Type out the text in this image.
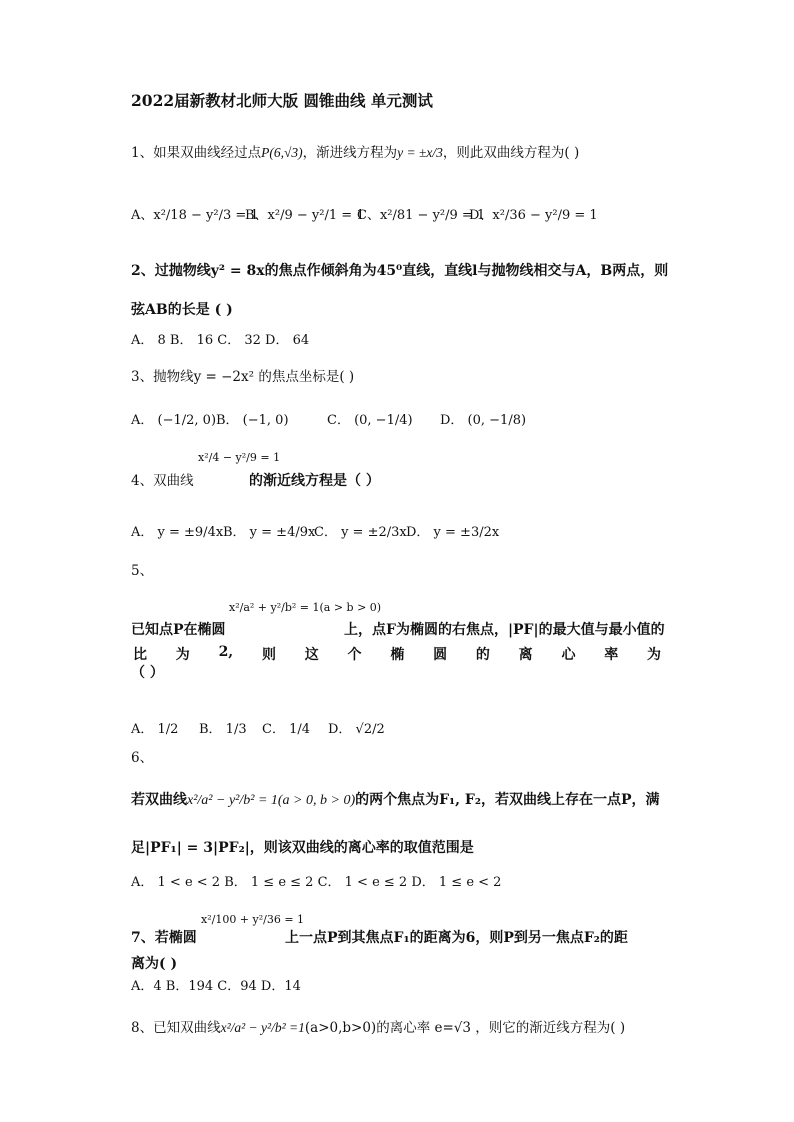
2022届新教材北师大版 圆锥曲线 单元测试
1、如果双曲线经过点P(6,√3)，渐进线方程为y = ±x/3，则此双曲线方程为( )
A、x²/18 − y²/3 = 1
B、x²/9 − y²/1 = 1
C、x²/81 − y²/9 = 1
D、x²/36 − y²/9 = 1
2、过抛物线y² = 8x的焦点作倾斜角为45⁰直线，直线l与抛物线相交与A，B两点，则
弦AB的长是 ( )
A． 8 B． 16 C． 32 D． 64
3、抛物线y = −2x² 的焦点坐标是( )
A． (−1/2, 0) B． (−1, 0)	C． (0, −1/4) D． (0, −1/8)
x²/4 − y²/9 = 1
4、双曲线	的渐近线方程是（ ）
A． y = ±9/4x B． y = ±4/9x
C． y = ±2/3x D． y = ±3/2x
5、
x²/a² + y²/b² = 1(a > b > 0)
已知点P在椭圆	上，点F为椭圆的右焦点，|PF|的最大值与最小值的
比 为 2, 则 这 个 椭 圆 的 离 心 率 为
（ ）
A． 1/2 B． 1/3 C． 1/4 D． √2/2
6、
若双曲线x²/a² − y²/b² = 1(a > 0, b > 0)的两个焦点为F₁, F₂，若双曲线上存在一点P，满
足|PF₁| = 3|PF₂|，则该双曲线的离心率的取值范围是
A． 1 < e < 2 B． 1 ≤ e ≤ 2 C． 1 < e ≤ 2 D． 1 ≤ e < 2
x²/100 + y²/36 = 1
7、若椭圆	上一点P到其焦点F₁的距离为6，则P到另一焦点F₂的距
离为( )
A．4 B．194 C．94 D．14
8、已知双曲线x²/a² − y²/b² =1(a>0,b>0)的离心率 e=√3 ，则它的渐近线方程为( )
